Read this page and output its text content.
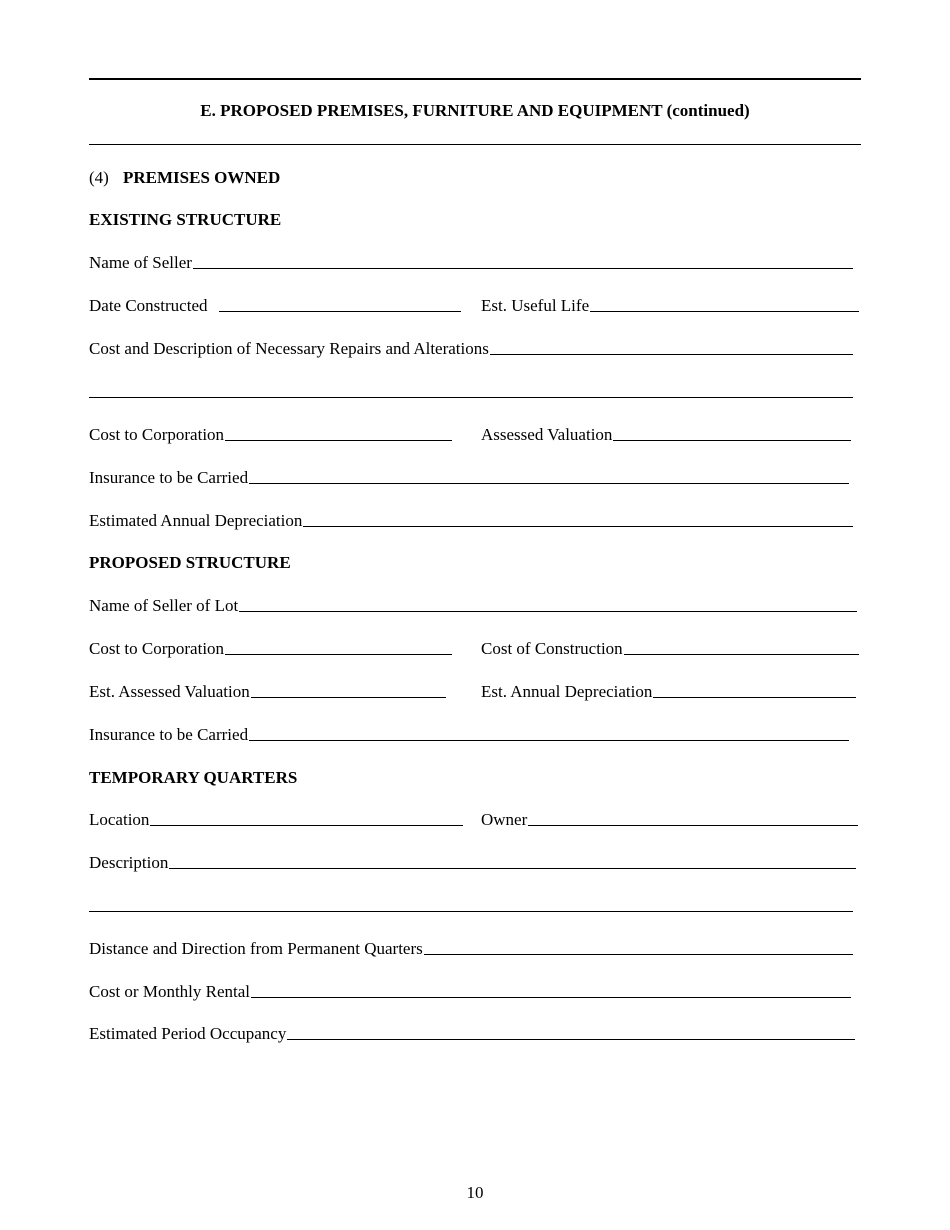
E. PROPOSED PREMISES, FURNITURE AND EQUIPMENT (continued)
(4) PREMISES OWNED
EXISTING STRUCTURE
Name of Seller
Date Constructed	Est. Useful Life
Cost and Description of Necessary Repairs and Alterations
Cost to Corporation	Assessed Valuation
Insurance to be Carried
Estimated Annual Depreciation
PROPOSED STRUCTURE
Name of Seller of Lot
Cost to Corporation	Cost of Construction
Est. Assessed Valuation	Est. Annual Depreciation
Insurance to be Carried
TEMPORARY QUARTERS
Location	Owner
Description
Distance and Direction from Permanent Quarters
Cost or Monthly Rental
Estimated Period Occupancy
10
